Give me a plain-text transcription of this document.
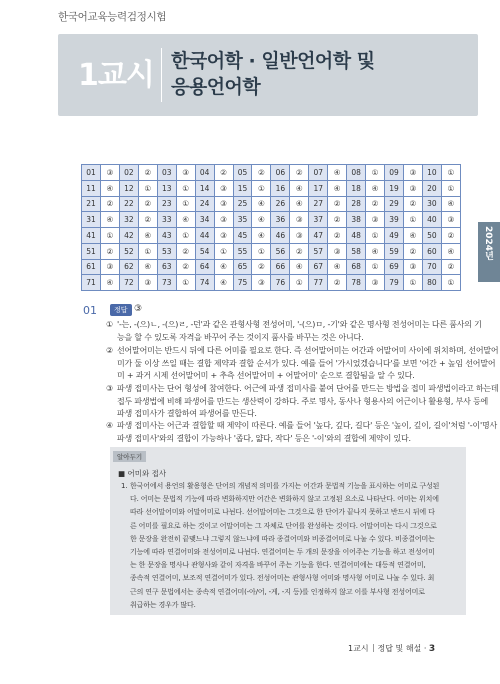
한국어교육능력검정시험
1교시 한국어학 · 일반언어학 및
응용언어학
2024년
01	③	02	②	03	③	04	②	05	②	06	②	07	④	08	①	09	③	10	①
11	④	12	①	13	①	14	③	15	①	16	④	17	④	18	④	19	③	20	①
21	②	22	②	23	①	24	③	25	④	26	④	27	②	28	②	29	②	30	④
31	④	32	②	33	④	34	③	35	④	36	③	37	②	38	③	39	①	40	③
41	①	42	④	43	①	44	③	45	④	46	③	47	②	48	①	49	④	50	②
51	②	52	①	53	②	54	①	55	①	56	②	57	③	58	④	59	②	60	④
61	③	62	④	63	②	64	④	65	②	66	④	67	④	68	①	69	③	70	②
71	④	72	③	73	①	74	④	75	③	76	①	77	②	78	③	79	①	80	①
01	정답 ③
① '-는, -(으)ㄴ, -(으)ㄹ, -던'과 같은 관형사형 전성어미, '-(으)ㅁ, -기'와 같은 명사형 전성어미는 다른 품사의 기
능을 할 수 있도록 자격을 바꾸어 주는 것이지 품사를 바꾸는 것은 아니다.
② 선어말어미는 반드시 뒤에 다른 어미를 필요로 한다. 즉 선어말어미는 어간과 어말어미 사이에 위치하며, 선어말어
미가 둘 이상 쓰일 때는 결합 제약과 결합 순서가 있다. 예를 들어 '가시었겠습니다'를 보면 '어간 + 높임 선어말어
미 + 과거 시제 선어말어미 + 추측 선어말어미 + 어말어미' 순으로 결합됨을 알 수 있다.
③ 파생 접미사는 단어 형성에 참여한다. 어근에 파생 접미사를 붙여 단어를 만드는 방법을 접미 파생법이라고 하는데
접두 파생법에 비해 파생어를 만드는 생산력이 강하다. 주로 명사, 동사나 형용사의 어근이나 활용형, 부사 등에
파생 접미사가 결합하여 파생어를 만든다.
④ 파생 접미사는 어근과 결합할 때 제약이 따른다. 예를 들어 '높다, 깊다, 길다' 등은 '높이, 깊이, 길이'처럼 '-이'명사
파생 접미사'와의 결합이 가능하나 '좁다, 얇다, 작다' 등은 '-이'와의 결합에 제약이 있다.
알아두기
■ 어미와 접사
1. 한국어에서 용언의 활용형은 단어의 개념적 의미를 가지는 어간과 문법적 기능을 표시하는 어미로 구성된
다. 어미는 문법적 기능에 따라 변화하지만 어간은 변화하지 않고 고정된 요소로 나타난다. 어미는 위치에
따라 선어말어미와 어말어미로 나뉜다. 선어말어미는 그것으로 한 단어가 끝나지 못하고 반드시 뒤에 다
른 어미를 필요로 하는 것이고 어말어미는 그 자체로 단어를 완성하는 것이다. 어말어미는 다시 그것으로
한 문장을 완전히 끝맺느냐 그렇지 않느냐에 따라 종결어미와 비종결어미로 나눌 수 있다. 비종결어미는
기능에 따라 연결어미와 전성어미로 나뉜다. 연결어미는 두 개의 문장을 이어주는 기능을 하고 전성어미
는 한 문장을 명사나 관형사와 같이 자격을 바꾸어 주는 기능을 한다. 연결어미에는 대등적 연결어미,
종속적 연결어미, 보조적 연결어미가 있다. 전성어미는 관형사형 어미와 명사형 어미로 나눌 수 있다. 최
근의 연구 문법에서는 종속적 연결어미(-아/어, -게, -지 등)를 인정하지 않고 이를 부사형 전성어미로
취급하는 경우가 많다.
1교시 정답 및 해설 · 3
